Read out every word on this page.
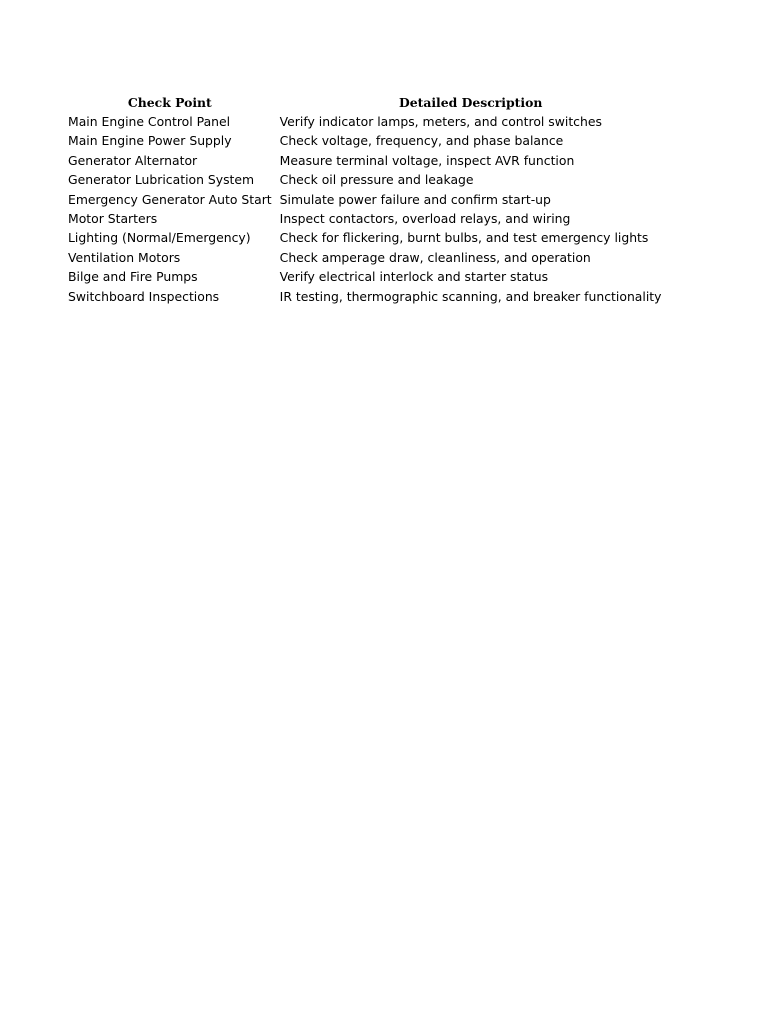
Check Point	Detailed Description
Main Engine Control Panel	Verify indicator lamps, meters, and control switches
Main Engine Power Supply	Check voltage, frequency, and phase balance
Generator Alternator	Measure terminal voltage, inspect AVR function
Generator Lubrication System	Check oil pressure and leakage
Emergency Generator Auto Start	Simulate power failure and confirm start-up
Motor Starters	Inspect contactors, overload relays, and wiring
Lighting (Normal/Emergency)	Check for flickering, burnt bulbs, and test emergency lights
Ventilation Motors	Check amperage draw, cleanliness, and operation
Bilge and Fire Pumps	Verify electrical interlock and starter status
Switchboard Inspections	IR testing, thermographic scanning, and breaker functionality
